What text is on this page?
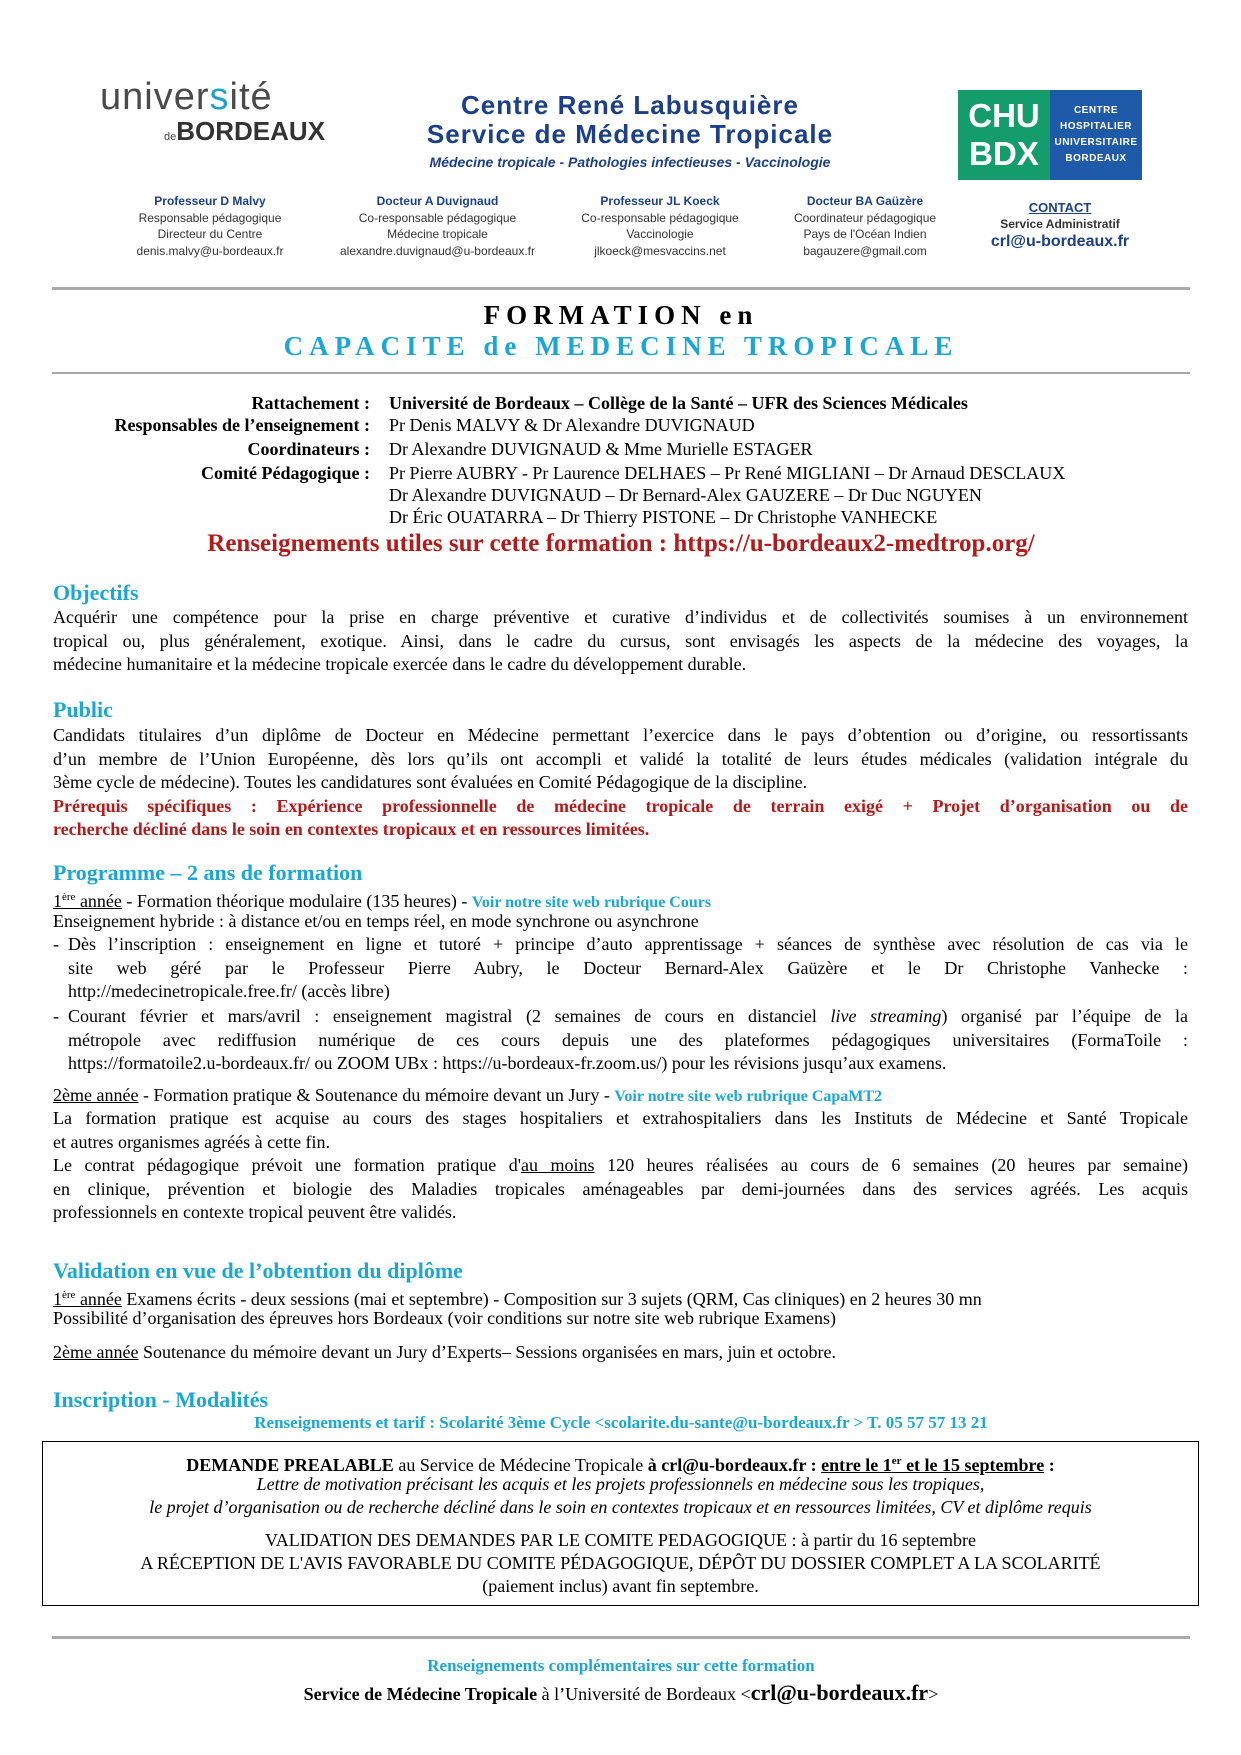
université
deBORDEAUX
Centre René Labusquière
Service de Médecine Tropicale
Médecine tropicale - Pathologies infectieuses - Vaccinologie
CHU
BDX
CENTRE
HOSPITALIER
UNIVERSITAIRE
BORDEAUX
Professeur D Malvy
Responsable pédagogique
Directeur du Centre
denis.malvy@u-bordeaux.fr
Docteur A Duvignaud
Co-responsable pédagogique
Médecine tropicale
alexandre.duvignaud@u-bordeaux.fr
Professeur JL Koeck
Co-responsable pédagogique
Vaccinologie
jlkoeck@mesvaccins.net
Docteur BA Gaüzère
Coordinateur pédagogique
Pays de l'Océan Indien
bagauzere@gmail.com
CONTACT
Service Administratif
crl@u-bordeaux.fr
FORMATION en
CAPACITE de MEDECINE TROPICALE
Rattachement : Université de Bordeaux – Collège de la Santé – UFR des Sciences Médicales
Responsables de l’enseignement : Pr Denis MALVY & Dr Alexandre DUVIGNAUD
Coordinateurs : Dr Alexandre DUVIGNAUD & Mme Murielle ESTAGER
Comité Pédagogique : Pr Pierre AUBRY - Pr Laurence DELHAES – Pr René MIGLIANI – Dr Arnaud DESCLAUX
Dr Alexandre DUVIGNAUD – Dr Bernard-Alex GAUZERE – Dr Duc NGUYEN
Dr Éric OUATARRA – Dr Thierry PISTONE – Dr Christophe VANHECKE
Renseignements utiles sur cette formation : https://u-bordeaux2-medtrop.org/
Objectifs
Acquérir une compétence pour la prise en charge préventive et curative d’individus et de collectivités soumises à un environnement
tropical ou, plus généralement, exotique. Ainsi, dans le cadre du cursus, sont envisagés les aspects de la médecine des voyages, la
médecine humanitaire et la médecine tropicale exercée dans le cadre du développement durable.
Public
Candidats titulaires d’un diplôme de Docteur en Médecine permettant l’exercice dans le pays d’obtention ou d’origine, ou ressortissants
d’un membre de l’Union Européenne, dès lors qu’ils ont accompli et validé la totalité de leurs études médicales (validation intégrale du
3ème cycle de médecine). Toutes les candidatures sont évaluées en Comité Pédagogique de la discipline.
Prérequis spécifiques : Expérience professionnelle de médecine tropicale de terrain exigé + Projet d’organisation ou de
recherche décliné dans le soin en contextes tropicaux et en ressources limitées.
Programme – 2 ans de formation
1ère année - Formation théorique modulaire (135 heures) - Voir notre site web rubrique Cours
Enseignement hybride : à distance et/ou en temps réel, en mode synchrone ou asynchrone
- Dès l’inscription : enseignement en ligne et tutoré + principe d’auto apprentissage + séances de synthèse avec résolution de cas via le
site web géré par le Professeur Pierre Aubry, le Docteur Bernard-Alex Gaüzère et le Dr Christophe Vanhecke :
http://medecinetropicale.free.fr/ (accès libre)
- Courant février et mars/avril : enseignement magistral (2 semaines de cours en distanciel live streaming) organisé par l’équipe de la
métropole avec rediffusion numérique de ces cours depuis une des plateformes pédagogiques universitaires (FormaToile :
https://formatoile2.u-bordeaux.fr/ ou ZOOM UBx : https://u-bordeaux-fr.zoom.us/) pour les révisions jusqu’aux examens.
2ème année - Formation pratique & Soutenance du mémoire devant un Jury - Voir notre site web rubrique CapaMT2
La formation pratique est acquise au cours des stages hospitaliers et extrahospitaliers dans les Instituts de Médecine et Santé Tropicale
et autres organismes agréés à cette fin.
Le contrat pédagogique prévoit une formation pratique d'au moins 120 heures réalisées au cours de 6 semaines (20 heures par semaine)
en clinique, prévention et biologie des Maladies tropicales aménageables par demi-journées dans des services agréés. Les acquis
professionnels en contexte tropical peuvent être validés.
Validation en vue de l’obtention du diplôme
1ère année Examens écrits - deux sessions (mai et septembre) - Composition sur 3 sujets (QRM, Cas cliniques) en 2 heures 30 mn
Possibilité d’organisation des épreuves hors Bordeaux (voir conditions sur notre site web rubrique Examens)
2ème année Soutenance du mémoire devant un Jury d’Experts– Sessions organisées en mars, juin et octobre.
Inscription - Modalités
Renseignements et tarif : Scolarité 3ème Cycle <scolarite.du-sante@u-bordeaux.fr > T. 05 57 57 13 21
DEMANDE PREALABLE au Service de Médecine Tropicale à crl@u-bordeaux.fr : entre le 1er et le 15 septembre :
Lettre de motivation précisant les acquis et les projets professionnels en médecine sous les tropiques,
le projet d’organisation ou de recherche décliné dans le soin en contextes tropicaux et en ressources limitées, CV et diplôme requis
VALIDATION DES DEMANDES PAR LE COMITE PEDAGOGIQUE : à partir du 16 septembre
A RÉCEPTION DE L'AVIS FAVORABLE DU COMITE PÉDAGOGIQUE, DÉPÔT DU DOSSIER COMPLET A LA SCOLARITÉ
(paiement inclus) avant fin septembre.
Renseignements complémentaires sur cette formation
Service de Médecine Tropicale à l’Université de Bordeaux <crl@u-bordeaux.fr>
